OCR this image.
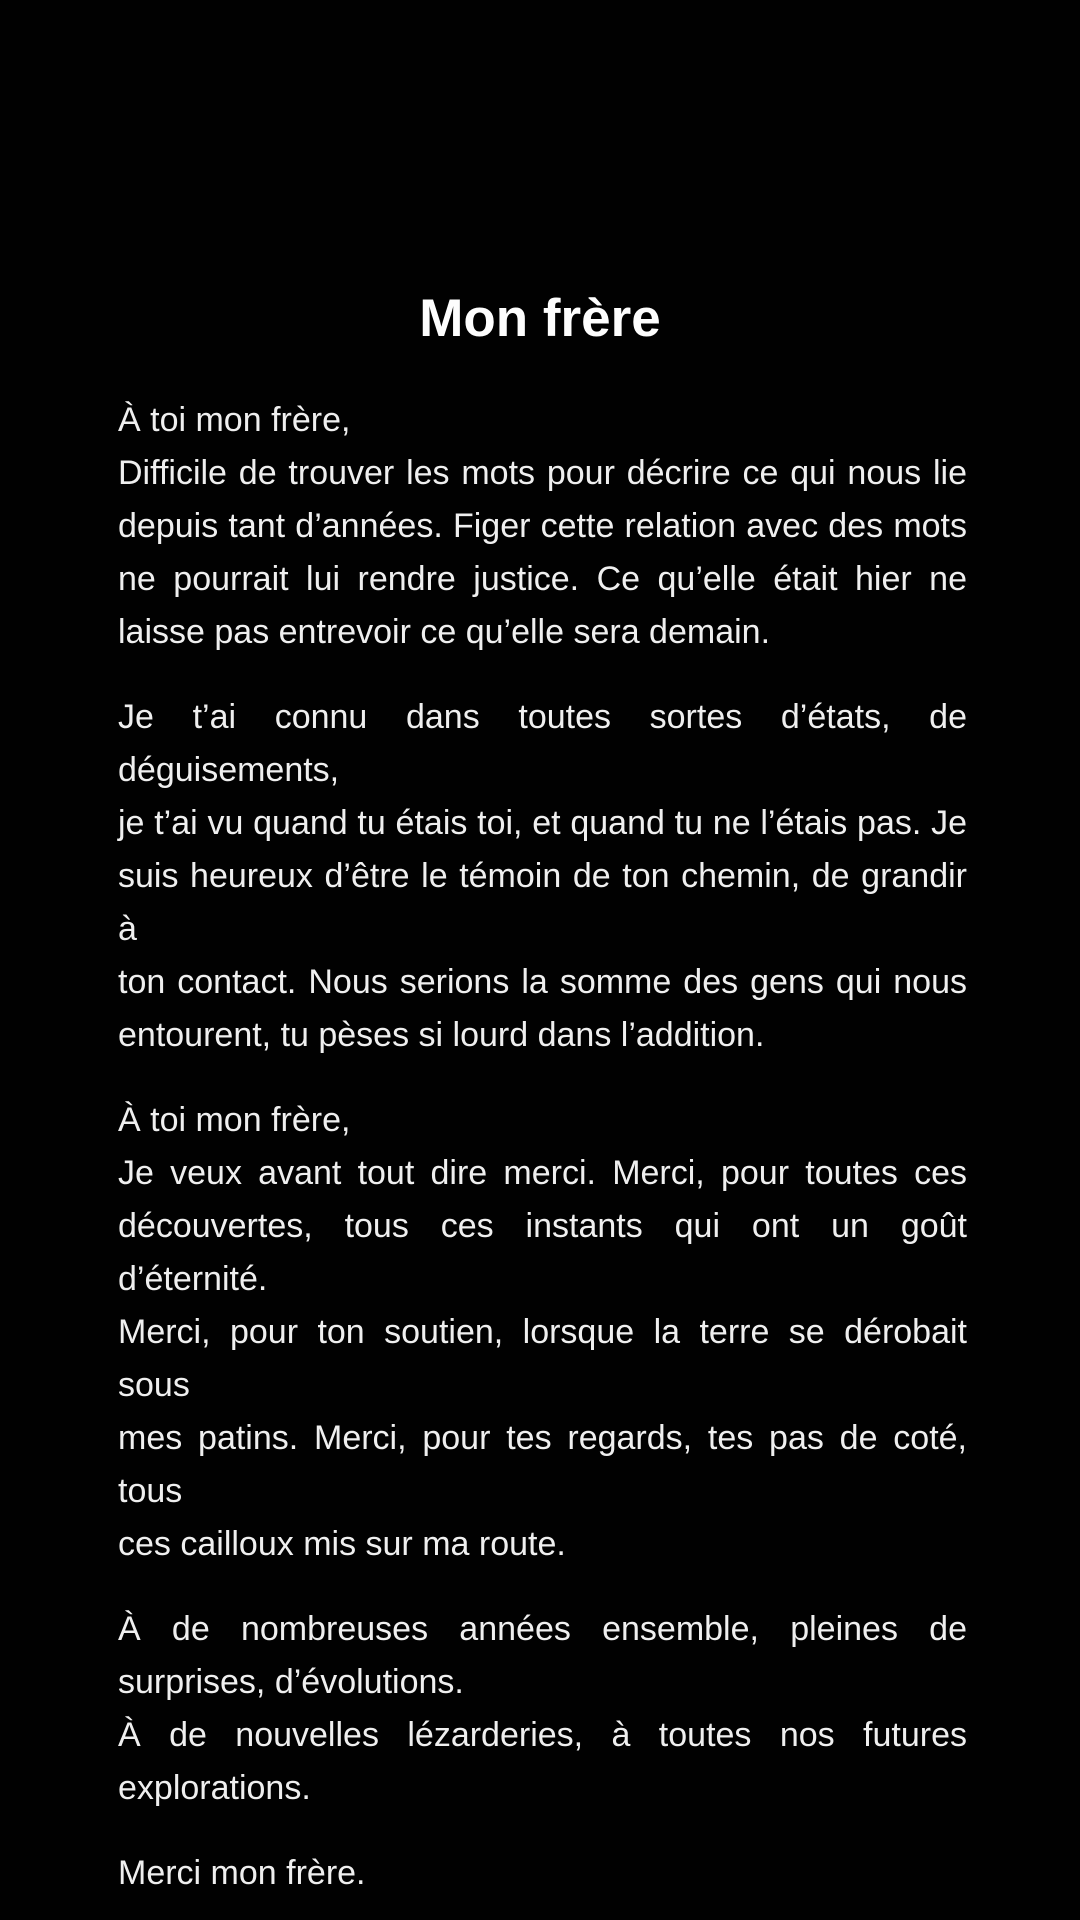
Mon frère
À toi mon frère,
Difficile de trouver les mots pour décrire ce qui nous lie
depuis tant d’années. Figer cette relation avec des mots
ne pourrait lui rendre justice. Ce qu’elle était hier ne
laisse pas entrevoir ce qu’elle sera demain.
Je t’ai connu dans toutes sortes d’états, de déguisements,
je t’ai vu quand tu étais toi, et quand tu ne l’étais pas. Je
suis heureux d’être le témoin de ton chemin, de grandir à
ton contact. Nous serions la somme des gens qui nous
entourent, tu pèses si lourd dans l’addition.
À toi mon frère,
Je veux avant tout dire merci. Merci, pour toutes ces
découvertes, tous ces instants qui ont un goût d’éternité.
Merci, pour ton soutien, lorsque la terre se dérobait sous
mes patins. Merci, pour tes regards, tes pas de coté, tous
ces cailloux mis sur ma route.
À de nombreuses années ensemble, pleines de
surprises, d’évolutions.
À de nouvelles lézarderies, à toutes nos futures
explorations.
Merci mon frère.
